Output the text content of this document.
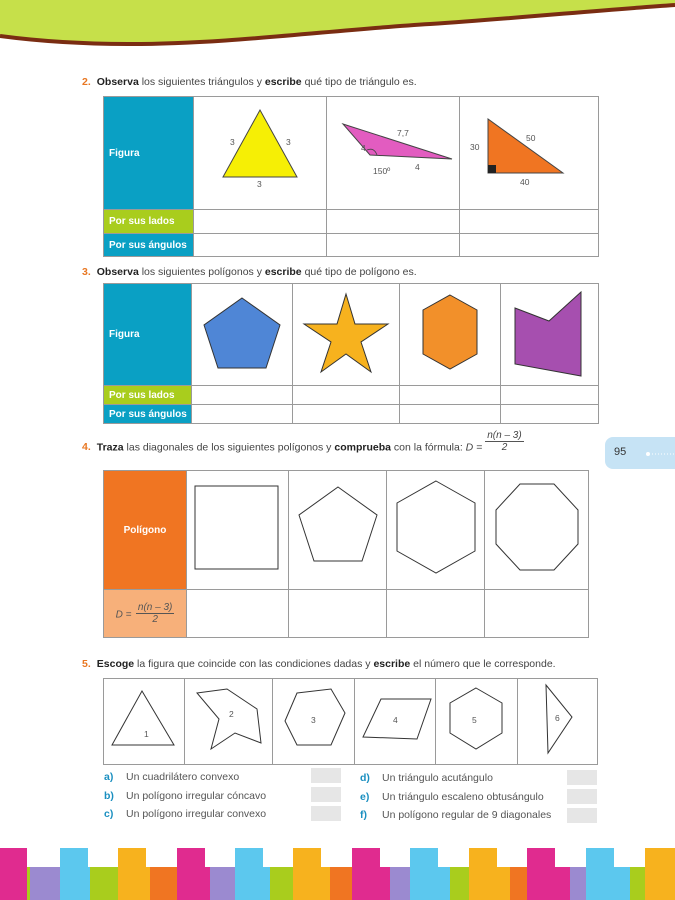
2. Observa los siguientes triángulos y escribe qué tipo de triángulo es.
Figura	3 3
3	7,7
4
4
150º	30
50
40

Por sus lados			
Por sus ángulos			
3. Observa los siguientes polígonos y escribe qué tipo de polígono es.
Figura				
Por sus lados				
Por sus ángulos				
95
4. Traza las diagonales de los siguientes polígonos y comprueba con la fórmula: $D = \frac{n(n - 3)}{2}$
Polígono				
$D = \frac{n(n - 3)}{2}$

5. Escoge la figura que coincide con las condiciones dadas y escribe el número que le corresponde.
1

2

3	4	5	6
a) Un cuadrilátero convexo
b) Un polígono irregular cóncavo
c) Un polígono irregular convexo
d) Un triángulo acutángulo
e) Un triángulo escaleno obtusángulo
f) Un polígono regular de 9 diagonales
